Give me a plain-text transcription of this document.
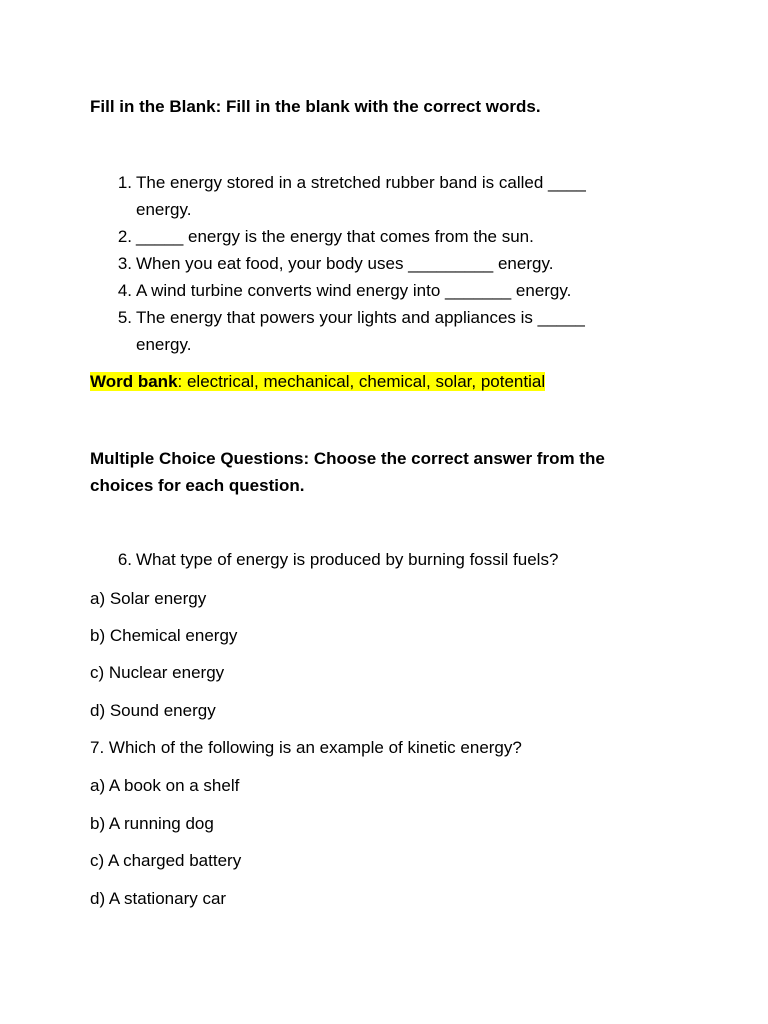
Fill in the Blank: Fill in the blank with the correct words.

1. The energy stored in a stretched rubber band is called ____
energy.
2. _____ energy is the energy that comes from the sun.
3. When you eat food, your body uses _________ energy.
4. A wind turbine converts wind energy into _______ energy.
5. The energy that powers your lights and appliances is _____
energy.
Word bank: electrical, mechanical, chemical, solar, potential

Multiple Choice Questions: Choose the correct answer from the choices for each question.

6. What type of energy is produced by burning fossil fuels?
a) Solar energy
b) Chemical energy
c) Nuclear energy
d) Sound energy
7. Which of the following is an example of kinetic energy?
a) A book on a shelf
b) A running dog
c) A charged battery
d) A stationary car
